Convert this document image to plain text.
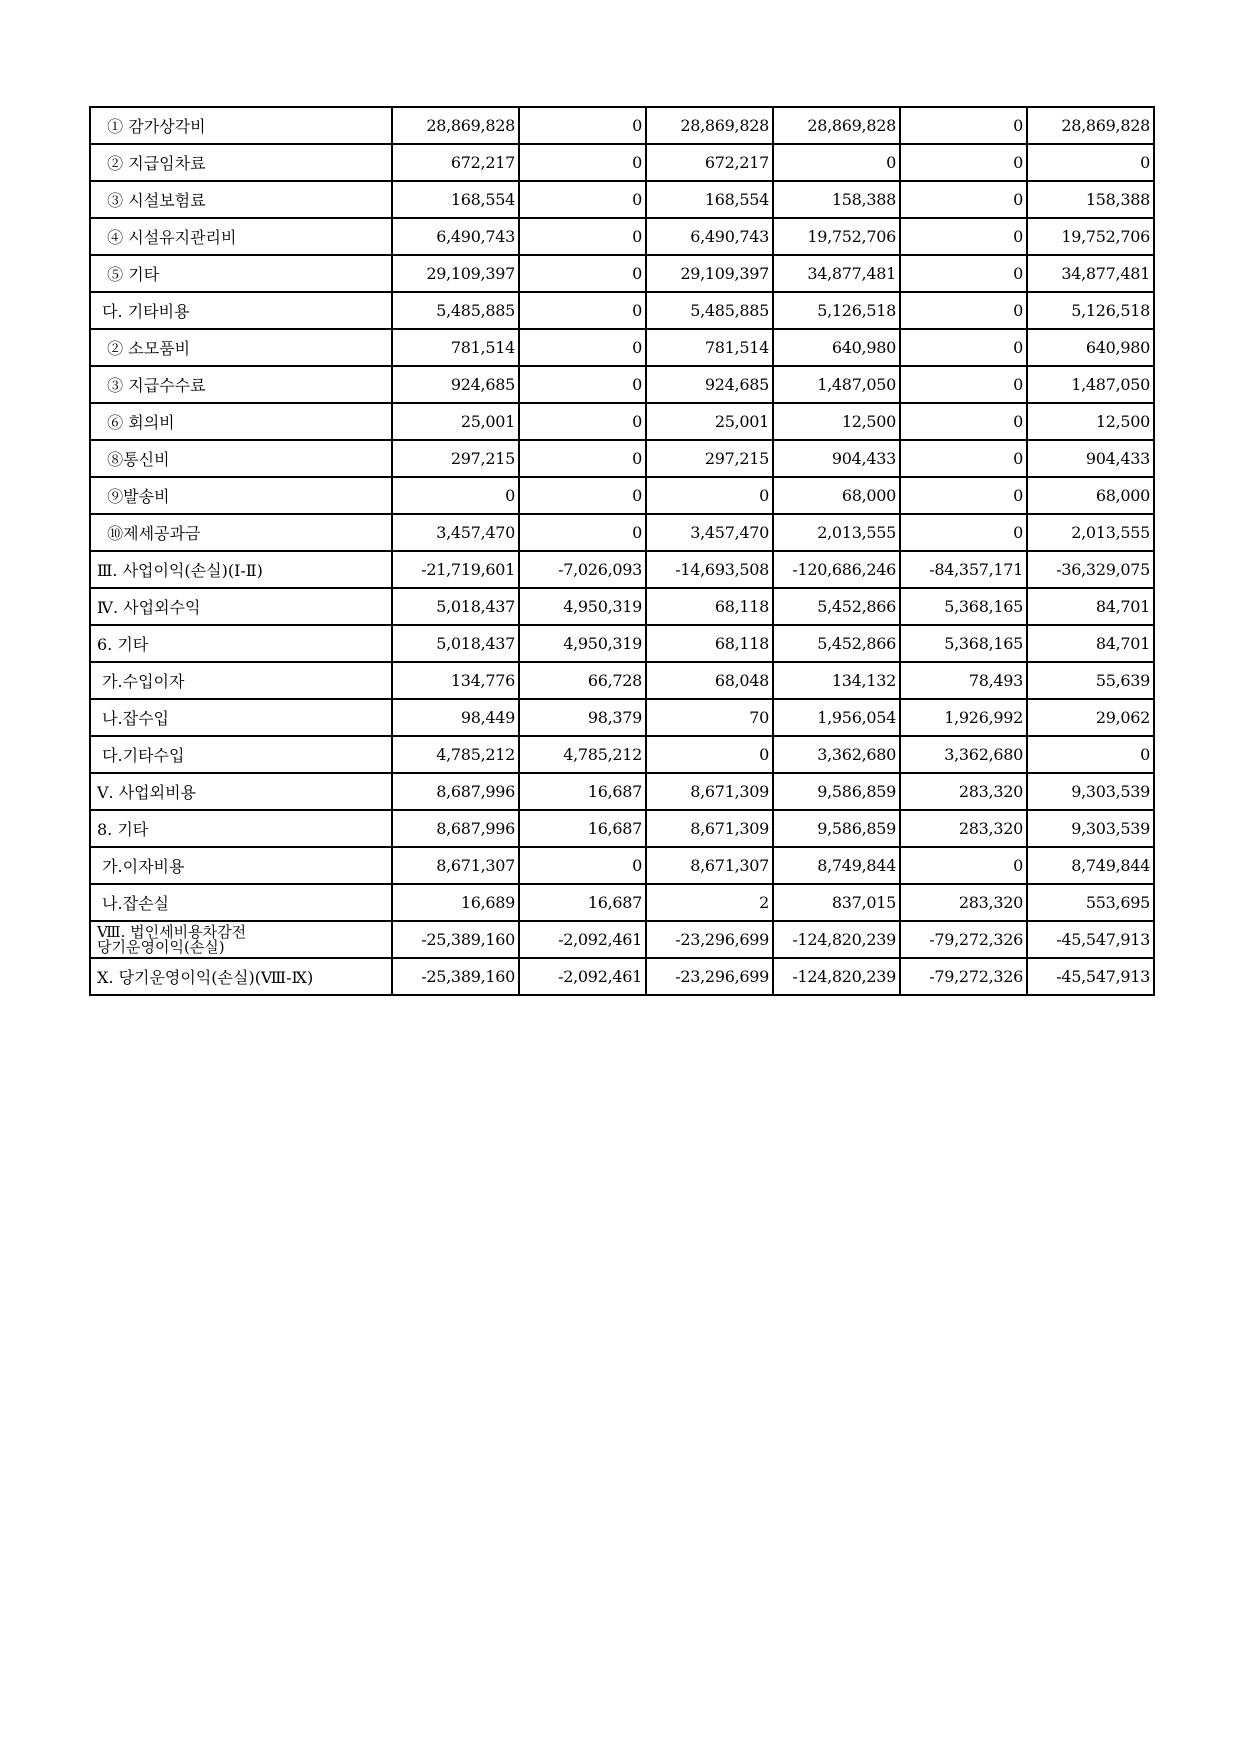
① 감가상각비	28,869,828	0	28,869,828	28,869,828	0	28,869,828
② 지급임차료	672,217	0	672,217	0	0	0
③ 시설보험료	168,554	0	168,554	158,388	0	158,388
④ 시설유지관리비	6,490,743	0	6,490,743	19,752,706	0	19,752,706
⑤ 기타	29,109,397	0	29,109,397	34,877,481	0	34,877,481
다. 기타비용	5,485,885	0	5,485,885	5,126,518	0	5,126,518
② 소모품비	781,514	0	781,514	640,980	0	640,980
③ 지급수수료	924,685	0	924,685	1,487,050	0	1,487,050
⑥ 회의비	25,001	0	25,001	12,500	0	12,500
⑧통신비	297,215	0	297,215	904,433	0	904,433
⑨발송비	0	0	0	68,000	0	68,000
⑩제세공과금	3,457,470	0	3,457,470	2,013,555	0	2,013,555
Ⅲ. 사업이익(손실)(Ⅰ-Ⅱ)	-21,719,601	-7,026,093	-14,693,508	-120,686,246	-84,357,171	-36,329,075
Ⅳ. 사업외수익	5,018,437	4,950,319	68,118	5,452,866	5,368,165	84,701
6. 기타	5,018,437	4,950,319	68,118	5,452,866	5,368,165	84,701
가.수입이자	134,776	66,728	68,048	134,132	78,493	55,639
나.잡수입	98,449	98,379	70	1,956,054	1,926,992	29,062
다.기타수입	4,785,212	4,785,212	0	3,362,680	3,362,680	0
Ⅴ. 사업외비용	8,687,996	16,687	8,671,309	9,586,859	283,320	9,303,539
8. 기타	8,687,996	16,687	8,671,309	9,586,859	283,320	9,303,539
가.이자비용	8,671,307	0	8,671,307	8,749,844	0	8,749,844
나.잡손실	16,689	16,687	2	837,015	283,320	553,695
Ⅷ. 법인세비용차감전
당기운영이익(손실)	-25,389,160	-2,092,461	-23,296,699	-124,820,239	-79,272,326	-45,547,913
Ⅹ. 당기운영이익(손실)(Ⅷ-Ⅸ)	-25,389,160	-2,092,461	-23,296,699	-124,820,239	-79,272,326	-45,547,913
